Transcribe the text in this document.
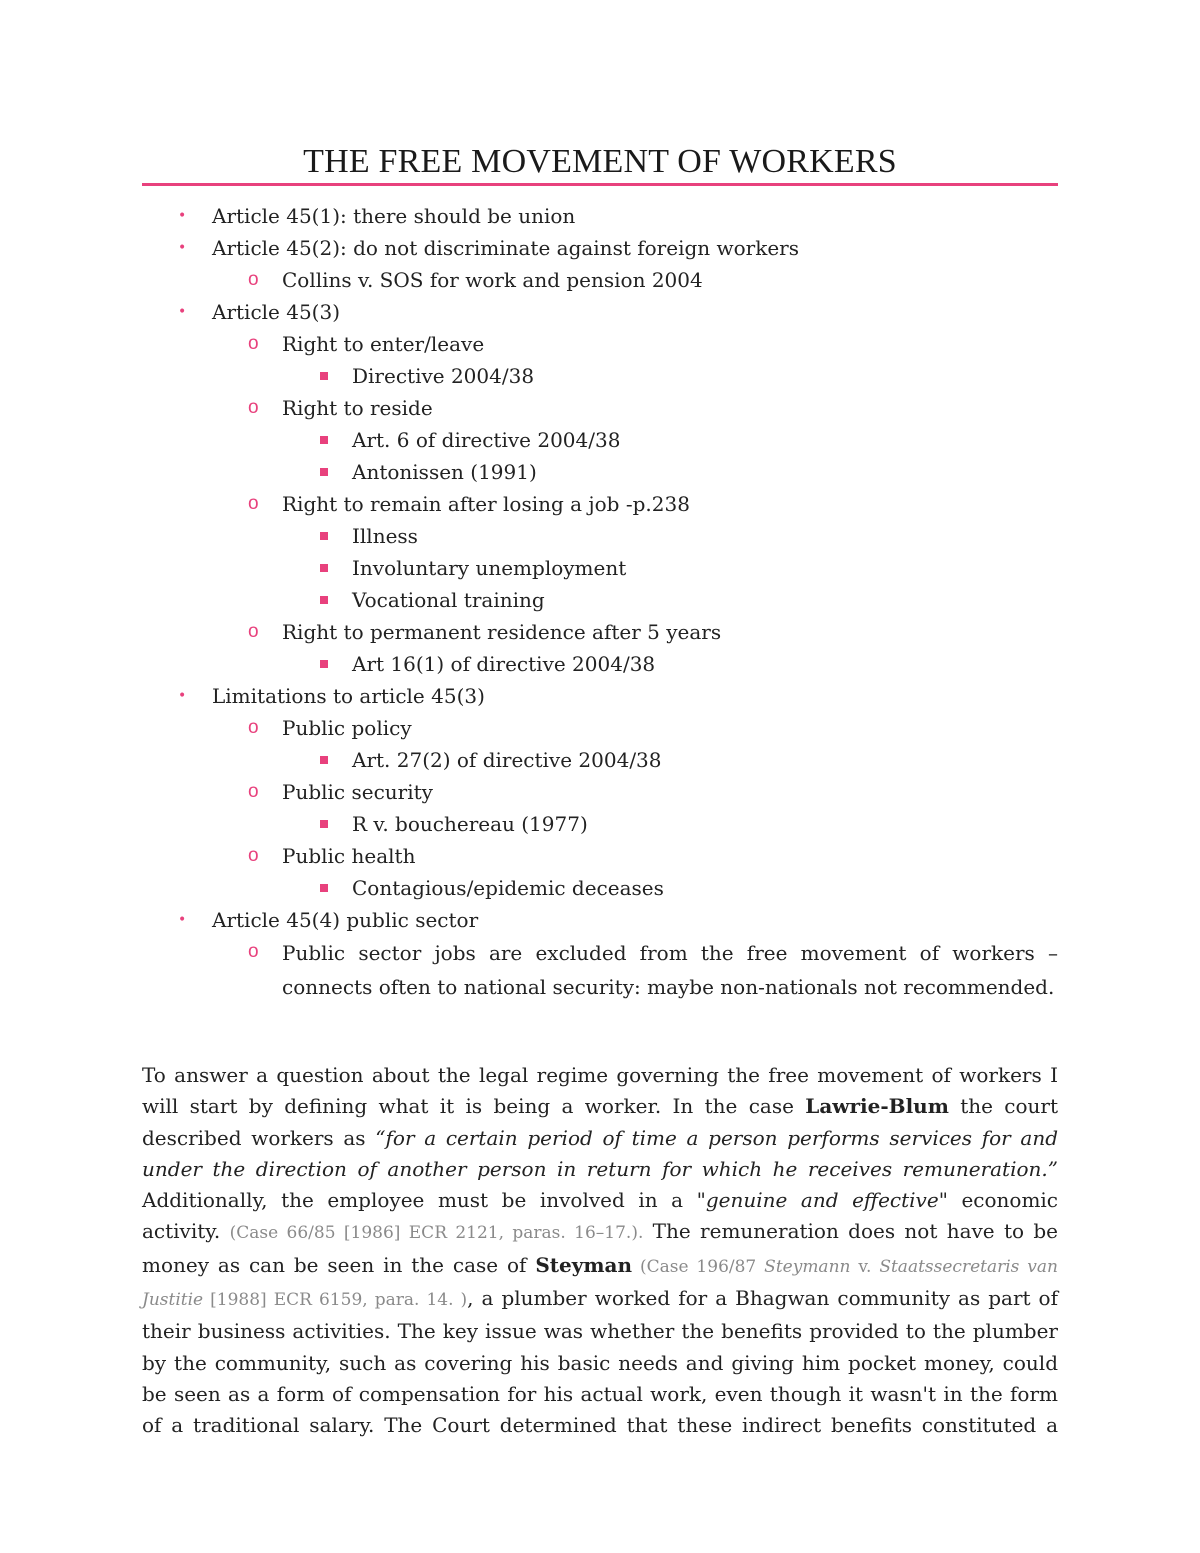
THE FREE MOVEMENT OF WORKERS
• Article 45(1): there should be union
• Article 45(2): do not discriminate against foreign workers
o Collins v. SOS for work and pension 2004
• Article 45(3)
o Right to enter/leave
Directive 2004/38
o Right to reside
Art. 6 of directive 2004/38
Antonissen (1991)
o Right to remain after losing a job -p.238
Illness
Involuntary unemployment
Vocational training
o Right to permanent residence after 5 years
Art 16(1) of directive 2004/38
• Limitations to article 45(3)
o Public policy
Art. 27(2) of directive 2004/38
o Public security
R v. bouchereau (1977)
o Public health
Contagious/epidemic deceases
• Article 45(4) public sector
o Public sector jobs are excluded from the free movement of workers – connects often to national security: maybe non-nationals not recommended.

To answer a question about the legal regime governing the free movement of workers I will start by defining what it is being a worker. In the case Lawrie-Blum the court described workers as “for a certain period of time a person performs services for and under the direction of another person in return for which he receives remuneration.” Additionally, the employee must be involved in a "genuine and effective" economic activity. (Case 66/85 [1986] ECR 2121, paras. 16–17.). The remuneration does not have to be money as can be seen in the case of Steyman (Case 196/87 Steymann v. Staatssecretaris van Justitie [1988] ECR 6159, para. 14. ), a plumber worked for a Bhagwan community as part of their business activities. The key issue was whether the benefits provided to the plumber by the community, such as covering his basic needs and giving him pocket money, could be seen as a form of compensation for his actual work, even though it wasn't in the form of a traditional salary. The Court determined that these indirect benefits constituted a
